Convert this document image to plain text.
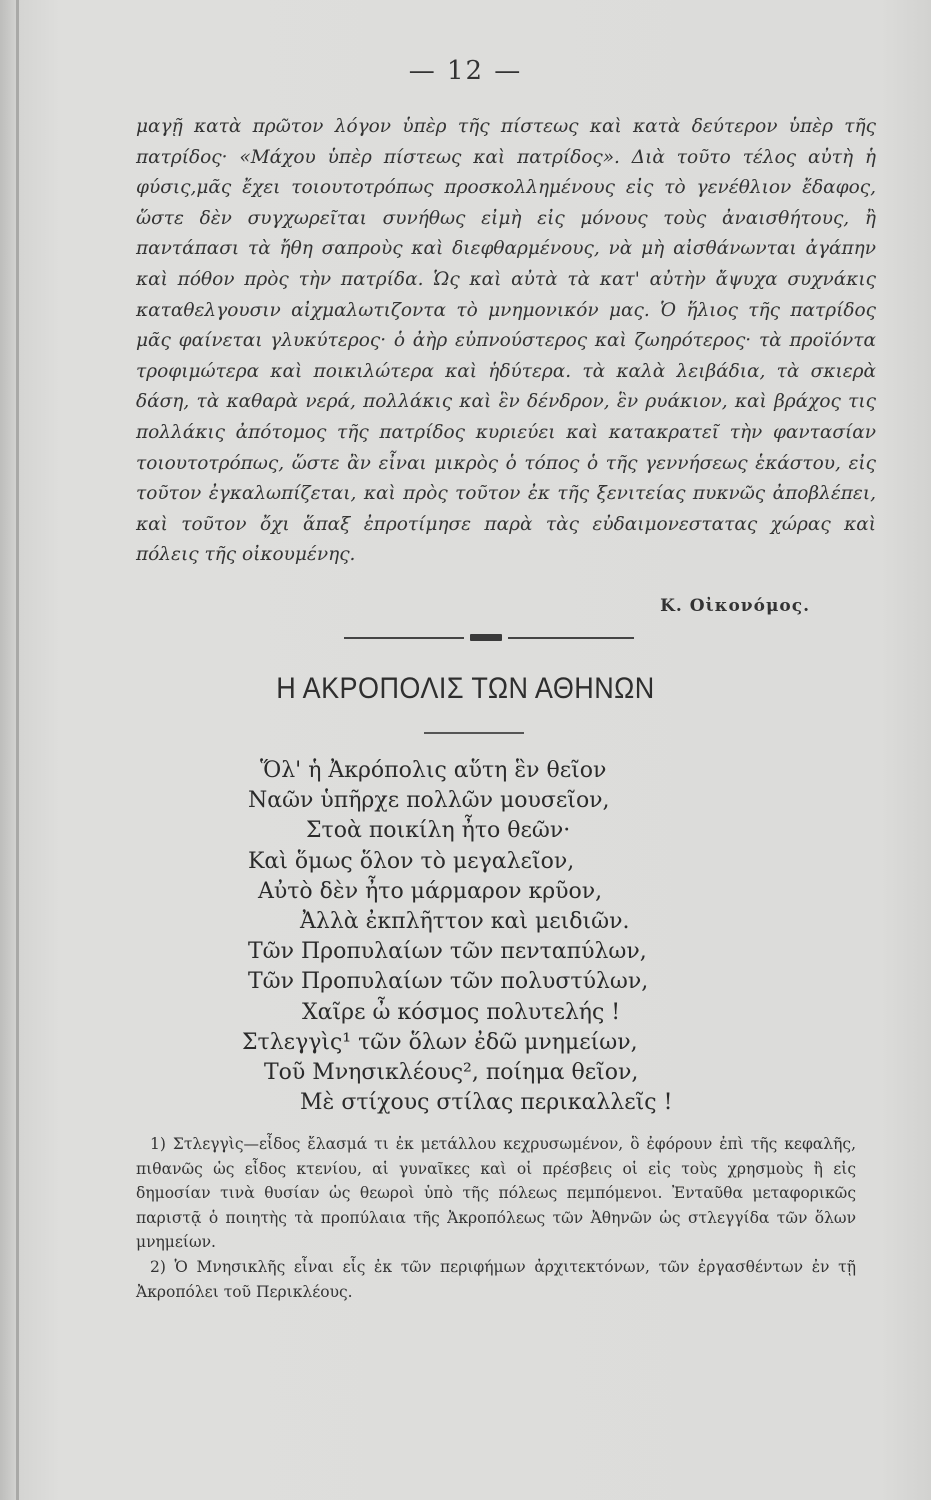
— 12 —

μαγῇ κατὰ πρῶτον λόγον ὑπὲρ τῆς πίστεως καὶ κατὰ δεύτερον ὑπὲρ τῆς πατρίδος· «Μάχου ὑπὲρ πίστεως καὶ πατρίδος». Διὰ τοῦτο τέλος αὐτὴ ἡ φύσις,μᾶς ἔχει τοιουτοτρόπως προσκολλημένους εἰς τὸ γενέθλιον ἔδαφος, ὥστε δὲν συγχωρεῖται συνήθως εἰμὴ εἰς μόνους τοὺς ἀναισθήτους, ἢ παντάπασι τὰ ἤθη σαπροὺς καὶ διεφθαρμένους, νὰ μὴ αἰσθάνωνται ἀγάπην καὶ πόθον πρὸς τὴν πατρίδα. Ὡς καὶ αὐτὰ τὰ κατ' αὐτὴν ἄψυχα συχνάκις καταθελγουσιν αἰχμαλωτιζοντα τὸ μνημονικόν μας. Ὁ ἥλιος τῆς πατρίδος μᾶς φαίνεται γλυκύτερος· ὁ ἀὴρ εὐπνούστερος καὶ ζωηρότερος· τὰ προϊόντα τροφιμώτερα καὶ ποικιλώτερα καὶ ἡδύτερα. τὰ καλὰ λειβάδια, τὰ σκιερὰ δάση, τὰ καθαρὰ νερά, πολλάκις καὶ ἓν δένδρον, ἓν ρυάκιον, καὶ βράχος τις πολλάκις ἀπότομος τῆς πατρίδος κυριεύει καὶ κατακρατεῖ τὴν φαντασίαν τοιουτοτρόπως, ὥστε ἂν εἶναι μικρὸς ὁ τόπος ὁ τῆς γεννήσεως ἑκάστου, εἰς τοῦτον ἐγκαλωπίζεται, καὶ πρὸς τοῦτον ἐκ τῆς ξενιτείας πυκνῶς ἀποβλέπει, καὶ τοῦτον ὄχι ἅπαξ ἐπροτίμησε παρὰ τὰς εὐδαιμονεστατας χώρας καὶ πόλεις τῆς οἰκουμένης.

Κ. Οἰκονόμος.
Η ΑΚΡΟΠΟΛΙΣ ΤΩΝ ΑΘΗΝΩΝ
Ὅλ' ἡ Ἀκρόπολις αὕτη ἓν θεῖον
Ναῶν ὑπῆρχε πολλῶν μουσεῖον,
Στοὰ ποικίλη ἦτο θεῶν·
Καὶ ὅμως ὅλον τὸ μεγαλεῖον,
Αὐτὸ δὲν ἦτο μάρμαρον κρῦον,
Ἀλλὰ ἐκπλῆττον καὶ μειδιῶν.
Τῶν Προπυλαίων τῶν πενταπύλων,
Τῶν Προπυλαίων τῶν πολυστύλων,
Χαῖρε ὦ κόσμος πολυτελής !
Στλεγγὶς¹ τῶν ὅλων ἐδῶ μνημείων,
Τοῦ Μνησικλέους², ποίημα θεῖον,
Μὲ στίχους στίλας περικαλλεῖς !

1) Στλεγγὶς—εἶδος ἔλασμά τι ἐκ μετάλλου κεχρυσωμένον, ὃ ἐφόρουν ἐπὶ τῆς κεφαλῆς, πιθανῶς ὡς εἶδος κτενίου, αἱ γυναῖκες καὶ οἱ πρέσβεις οἱ εἰς τοὺς χρησμοὺς ἢ εἰς δημοσίαν τινὰ θυσίαν ὡς θεωροὶ ὑπὸ τῆς πόλεως πεμπόμενοι. Ἐνταῦθα μεταφορικῶς παριστᾷ ὁ ποιητὴς τὰ προπύλαια τῆς Ἀκροπόλεως τῶν Ἀθηνῶν ὡς στλεγγίδα τῶν ὅλων μνημείων.

2) Ὁ Μνησικλῆς εἶναι εἷς ἐκ τῶν περιφήμων ἀρχιτεκτόνων, τῶν ἐργασθέντων ἐν τῇ Ἀκροπόλει τοῦ Περικλέους.
